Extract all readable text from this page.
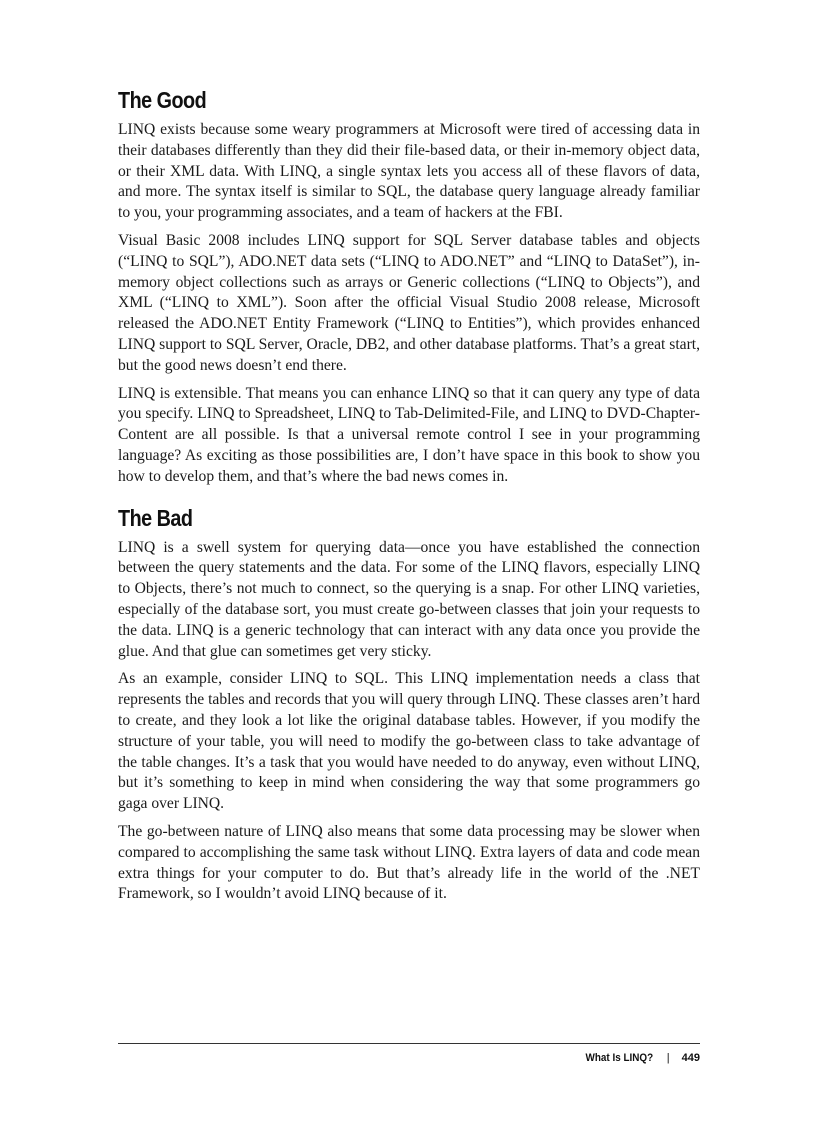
The Good

LINQ exists because some weary programmers at Microsoft were tired of accessing data in their databases differently than they did their file-based data, or their in-memory object data, or their XML data. With LINQ, a single syntax lets you access all of these flavors of data, and more. The syntax itself is similar to SQL, the database query language already familiar to you, your programming associates, and a team of hackers at the FBI.

Visual Basic 2008 includes LINQ support for SQL Server database tables and objects (“LINQ to SQL”), ADO.NET data sets (“LINQ to ADO.NET” and “LINQ to DataSet”), in-memory object collections such as arrays or Generic collections (“LINQ to Objects”), and XML (“LINQ to XML”). Soon after the official Visual Studio 2008 release, Microsoft released the ADO.NET Entity Framework (“LINQ to Entities”), which provides enhanced LINQ support to SQL Server, Oracle, DB2, and other database platforms. That’s a great start, but the good news doesn’t end there.

LINQ is extensible. That means you can enhance LINQ so that it can query any type of data you specify. LINQ to Spreadsheet, LINQ to Tab-Delimited-File, and LINQ to DVD-Chapter-Content are all possible. Is that a universal remote control I see in your programming language? As exciting as those possibilities are, I don’t have space in this book to show you how to develop them, and that’s where the bad news comes in.

The Bad

LINQ is a swell system for querying data—once you have established the connection between the query statements and the data. For some of the LINQ flavors, especially LINQ to Objects, there’s not much to connect, so the querying is a snap. For other LINQ varieties, especially of the database sort, you must create go-between classes that join your requests to the data. LINQ is a generic technology that can interact with any data once you provide the glue. And that glue can sometimes get very sticky.

As an example, consider LINQ to SQL. This LINQ implementation needs a class that represents the tables and records that you will query through LINQ. These classes aren’t hard to create, and they look a lot like the original database tables. However, if you modify the structure of your table, you will need to modify the go-between class to take advantage of the table changes. It’s a task that you would have needed to do anyway, even without LINQ, but it’s something to keep in mind when considering the way that some programmers go gaga over LINQ.

The go-between nature of LINQ also means that some data processing may be slower when compared to accomplishing the same task without LINQ. Extra layers of data and code mean extra things for your computer to do. But that’s already life in the world of the .NET Framework, so I wouldn’t avoid LINQ because of it.

What Is LINQ? | 449
